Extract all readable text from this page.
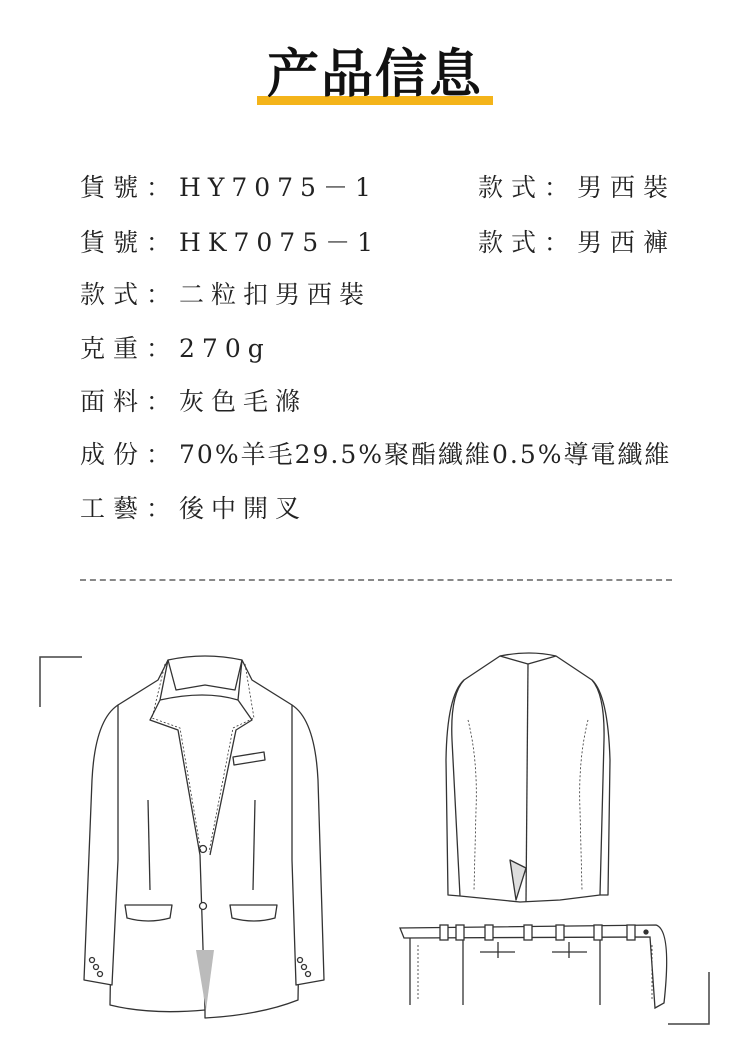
产品信息
貨號：HY7075－1	款式：男西裝
貨號：HK7075－1	款式：男西褲
款式：二粒扣男西裝
克重：270g
面料：灰色毛滌
成份：70%羊毛29.5%聚酯纖維0.5%導電纖維
工藝：後中開叉
